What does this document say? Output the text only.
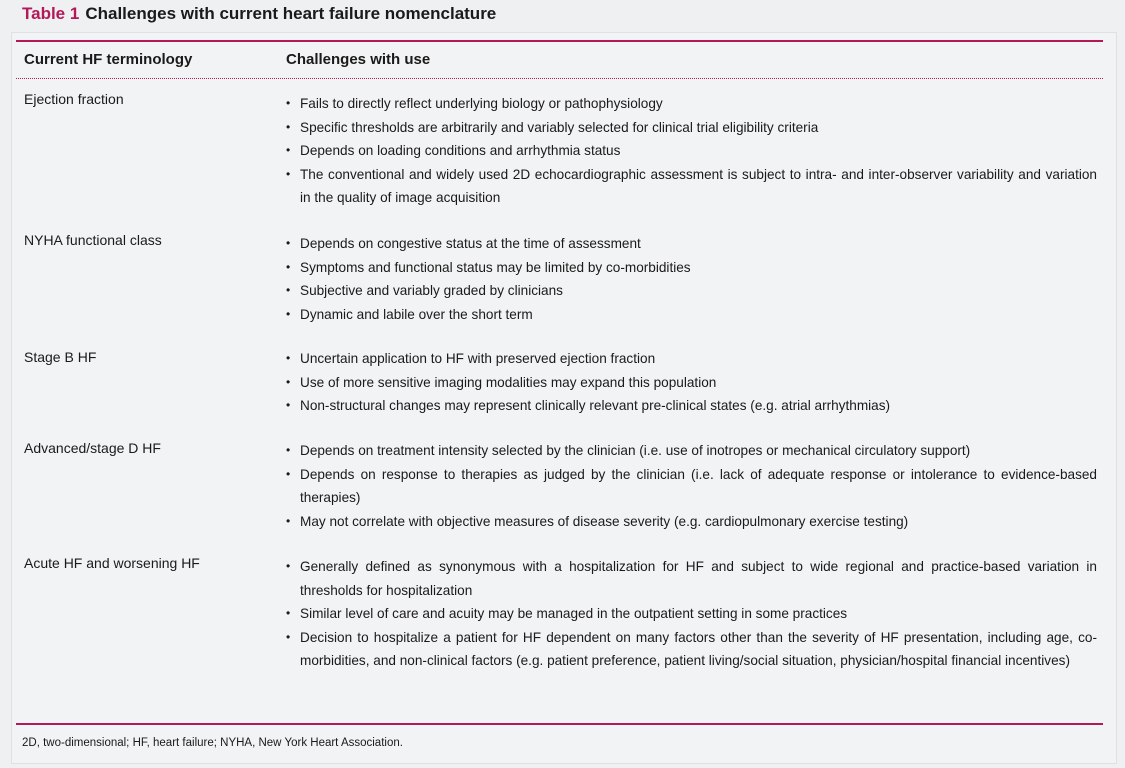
Table 1 Challenges with current heart failure nomenclature
Current HF terminology	Challenges with use
Ejection fraction	• Fails to directly reflect underlying biology or pathophysiology
• Specific thresholds are arbitrarily and variably selected for clinical trial eligibility criteria
• Depends on loading conditions and arrhythmia status
• The conventional and widely used 2D echocardiographic assessment is subject to intra- and inter-observer variability and variation in the quality of image acquisition
NYHA functional class	• Depends on congestive status at the time of assessment
• Symptoms and functional status may be limited by co-morbidities
• Subjective and variably graded by clinicians
• Dynamic and labile over the short term
Stage B HF	• Uncertain application to HF with preserved ejection fraction
• Use of more sensitive imaging modalities may expand this population
• Non-structural changes may represent clinically relevant pre-clinical states (e.g. atrial arrhythmias)
Advanced/stage D HF	• Depends on treatment intensity selected by the clinician (i.e. use of inotropes or mechanical circulatory support)
• Depends on response to therapies as judged by the clinician (i.e. lack of adequate response or intolerance to evidence-based therapies)
• May not correlate with objective measures of disease severity (e.g. cardiopulmonary exercise testing)
Acute HF and worsening HF	• Generally defined as synonymous with a hospitalization for HF and subject to wide regional and practice-based variation in thresholds for hospitalization
• Similar level of care and acuity may be managed in the outpatient setting in some practices
• Decision to hospitalize a patient for HF dependent on many factors other than the severity of HF presentation, including age, co-morbidities, and non-clinical factors (e.g. patient preference, patient living/social situation, physician/hospital financial incentives)
2D, two-dimensional; HF, heart failure; NYHA, New York Heart Association.
